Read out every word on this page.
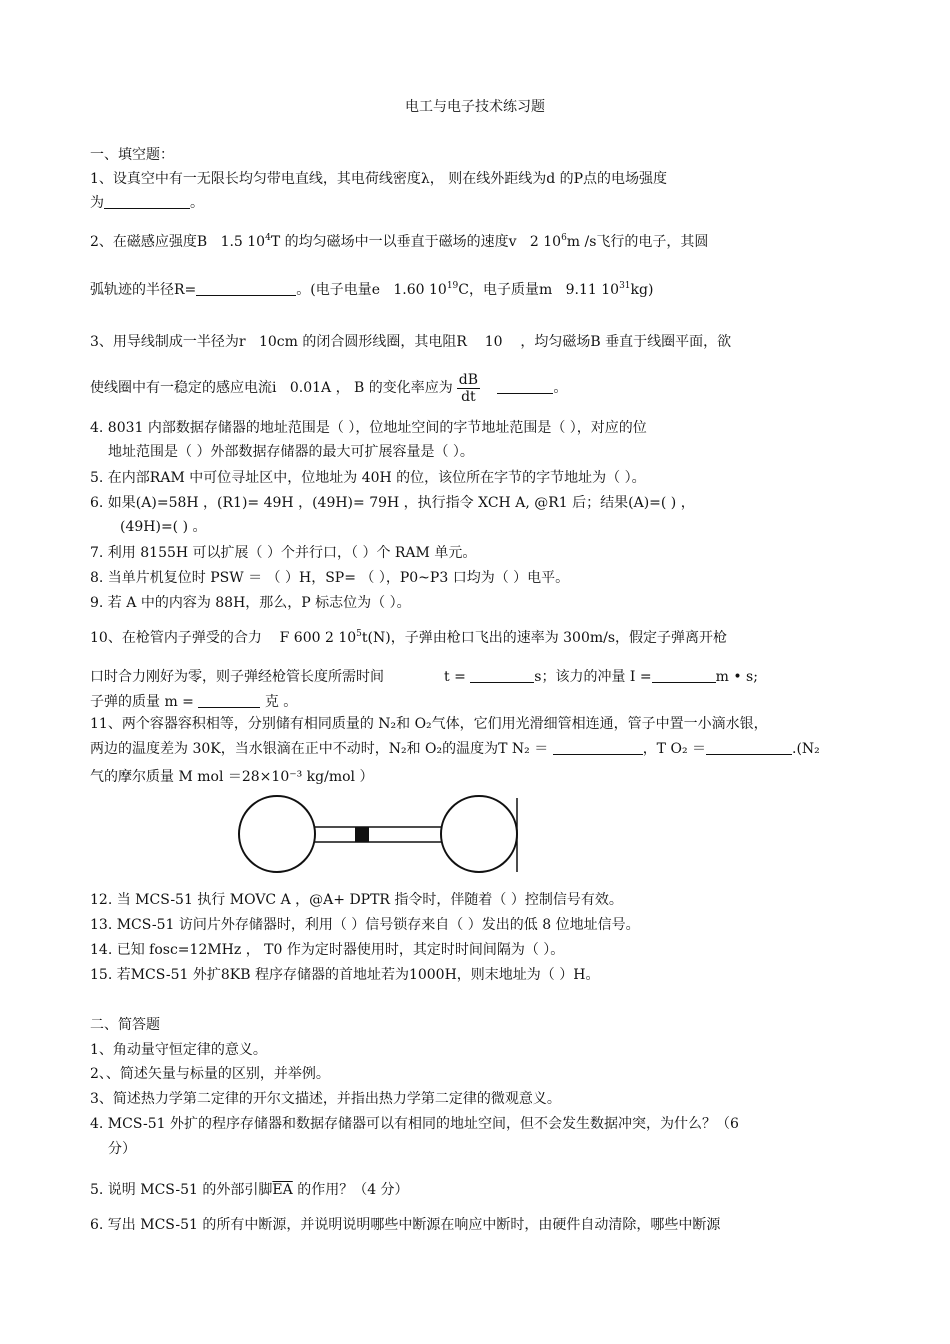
电工与电子技术练习题
一、填空题：
1、设真空中有一无限长均匀带电直线，其电荷线密度λ， 则在线外距线为d 的P点的电场强度
为	。
2、在磁感应强度B 1.5 $10^4T$ 的均匀磁场中一以垂直于磁场的速度v 2 $10^6m$ /s飞行的电子，其圆
弧轨迹的半径R=	。(电子电量e 1.60 $10^{19}C$，电子质量m 9.11 $10^{31}kg$)
3、用导线制成一半径为r 10cm 的闭合圆形线圈，其电阻R 10 ，均匀磁场B 垂直于线圈平面，欲
使线圈中有一稳定的感应电流i 0.01A ， B 的变化率应为 $\frac{dB}{dt}$	。
4. 8031 内部数据存储器的地址范围是（ ），位地址空间的字节地址范围是（ ），对应的位
地址范围是（ ）外部数据存储器的最大可扩展容量是（ ）。
5. 在内部RAM 中可位寻址区中，位地址为 40H 的位，该位所在字节的字节地址为（ ）。
6. 如果(A)=58H ，(R1)= 49H ，(49H)= 79H ，执行指令 XCH A, @R1 后；结果(A)=( ) ，
(49H)=( ) 。
7. 利用 8155H 可以扩展（ ）个并行口，（ ）个 RAM 单元。
8. 当单片机复位时 PSW ＝ （ ）H，SP= （ ），P0~P3 口均为（ ）电平。
9. 若 A 中的内容为 88H，那么，P 标志位为（ ）。
10、在枪管内子弹受的合力 F 600 2 $10^5t(N)$，子弹由枪口飞出的速率为 300m/s，假定子弹离开枪
口时合力刚好为零，则子弹经枪管长度所需时间	t =	s；该力的冲量 I =	m • s;
子弹的质量 m =	克 。
11、两个容器容积相等，分别储有相同质量的 N₂和 O₂气体，它们用光滑细管相连通，管子中置一小滴水银，
两边的温度差为 30K，当水银滴在正中不动时，N₂和 O₂的温度为T N₂ ＝	，T O₂ ＝	.(N₂
气的摩尔质量 M mol ＝28×10⁻³ kg/mol ）
12. 当 MCS-51 执行 MOVC A ，@A+ DPTR 指令时，伴随着（ ）控制信号有效。
13. MCS-51 访问片外存储器时，利用（ ）信号锁存来自（ ）发出的低 8 位地址信号。
14. 已知 fosc=12MHz ， T0 作为定时器使用时，其定时时间间隔为（ ）。
15. 若MCS-51 外扩8KB 程序存储器的首地址若为1000H，则末地址为（ ）H。
二、简答题
1、角动量守恒定律的意义。
2、、简述矢量与标量的区别，并举例。
3、简述热力学第二定律的开尔文描述，并指出热力学第二定律的微观意义。
4. MCS-51 外扩的程序存储器和数据存储器可以有相同的地址空间，但不会发生数据冲突，为什么？（6
分）
5. 说明 MCS-51 的外部引脚$\overline{EA}$ 的作用？（4 分）
6. 写出 MCS-51 的所有中断源，并说明说明哪些中断源在响应中断时，由硬件自动清除，哪些中断源
